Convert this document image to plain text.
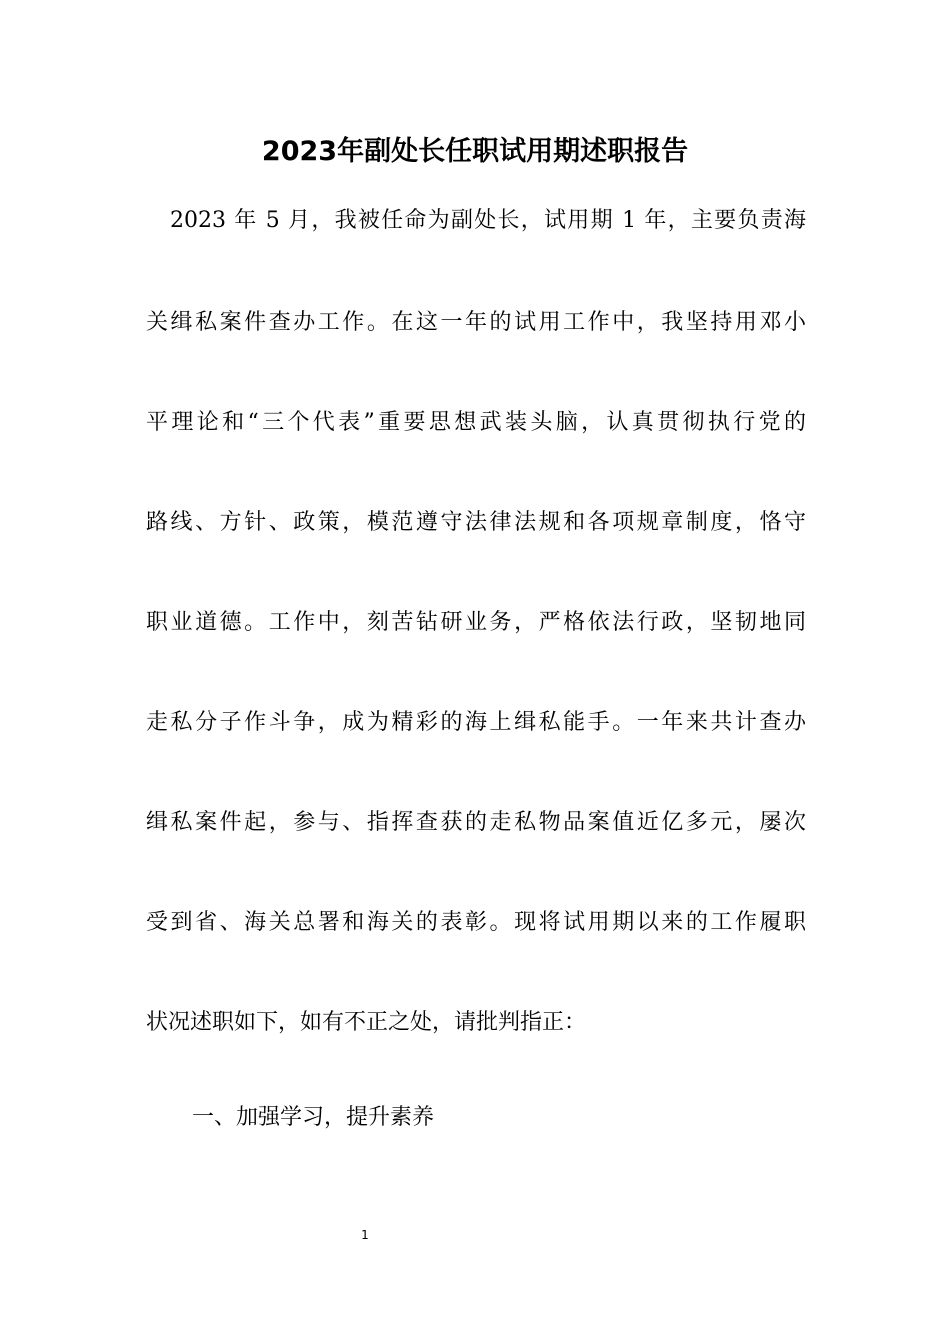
2023年副处长任职试用期述职报告

2023 年 5 月，我被任命为副处长，试用期 1 年，主要负责海

关缉私案件查办工作。在这一年的试用工作中，我坚持用邓小

平理论和“三个代表”重要思想武装头脑，认真贯彻执行党的

路线、方针、政策，模范遵守法律法规和各项规章制度，恪守

职业道德。工作中，刻苦钻研业务，严格依法行政，坚韧地同

走私分子作斗争，成为精彩的海上缉私能手。一年来共计查办

缉私案件起，参与、指挥查获的走私物品案值近亿多元，屡次

受到省、海关总署和海关的表彰。现将试用期以来的工作履职

状况述职如下，如有不正之处，请批判指正：

一、加强学习，提升素养

1
